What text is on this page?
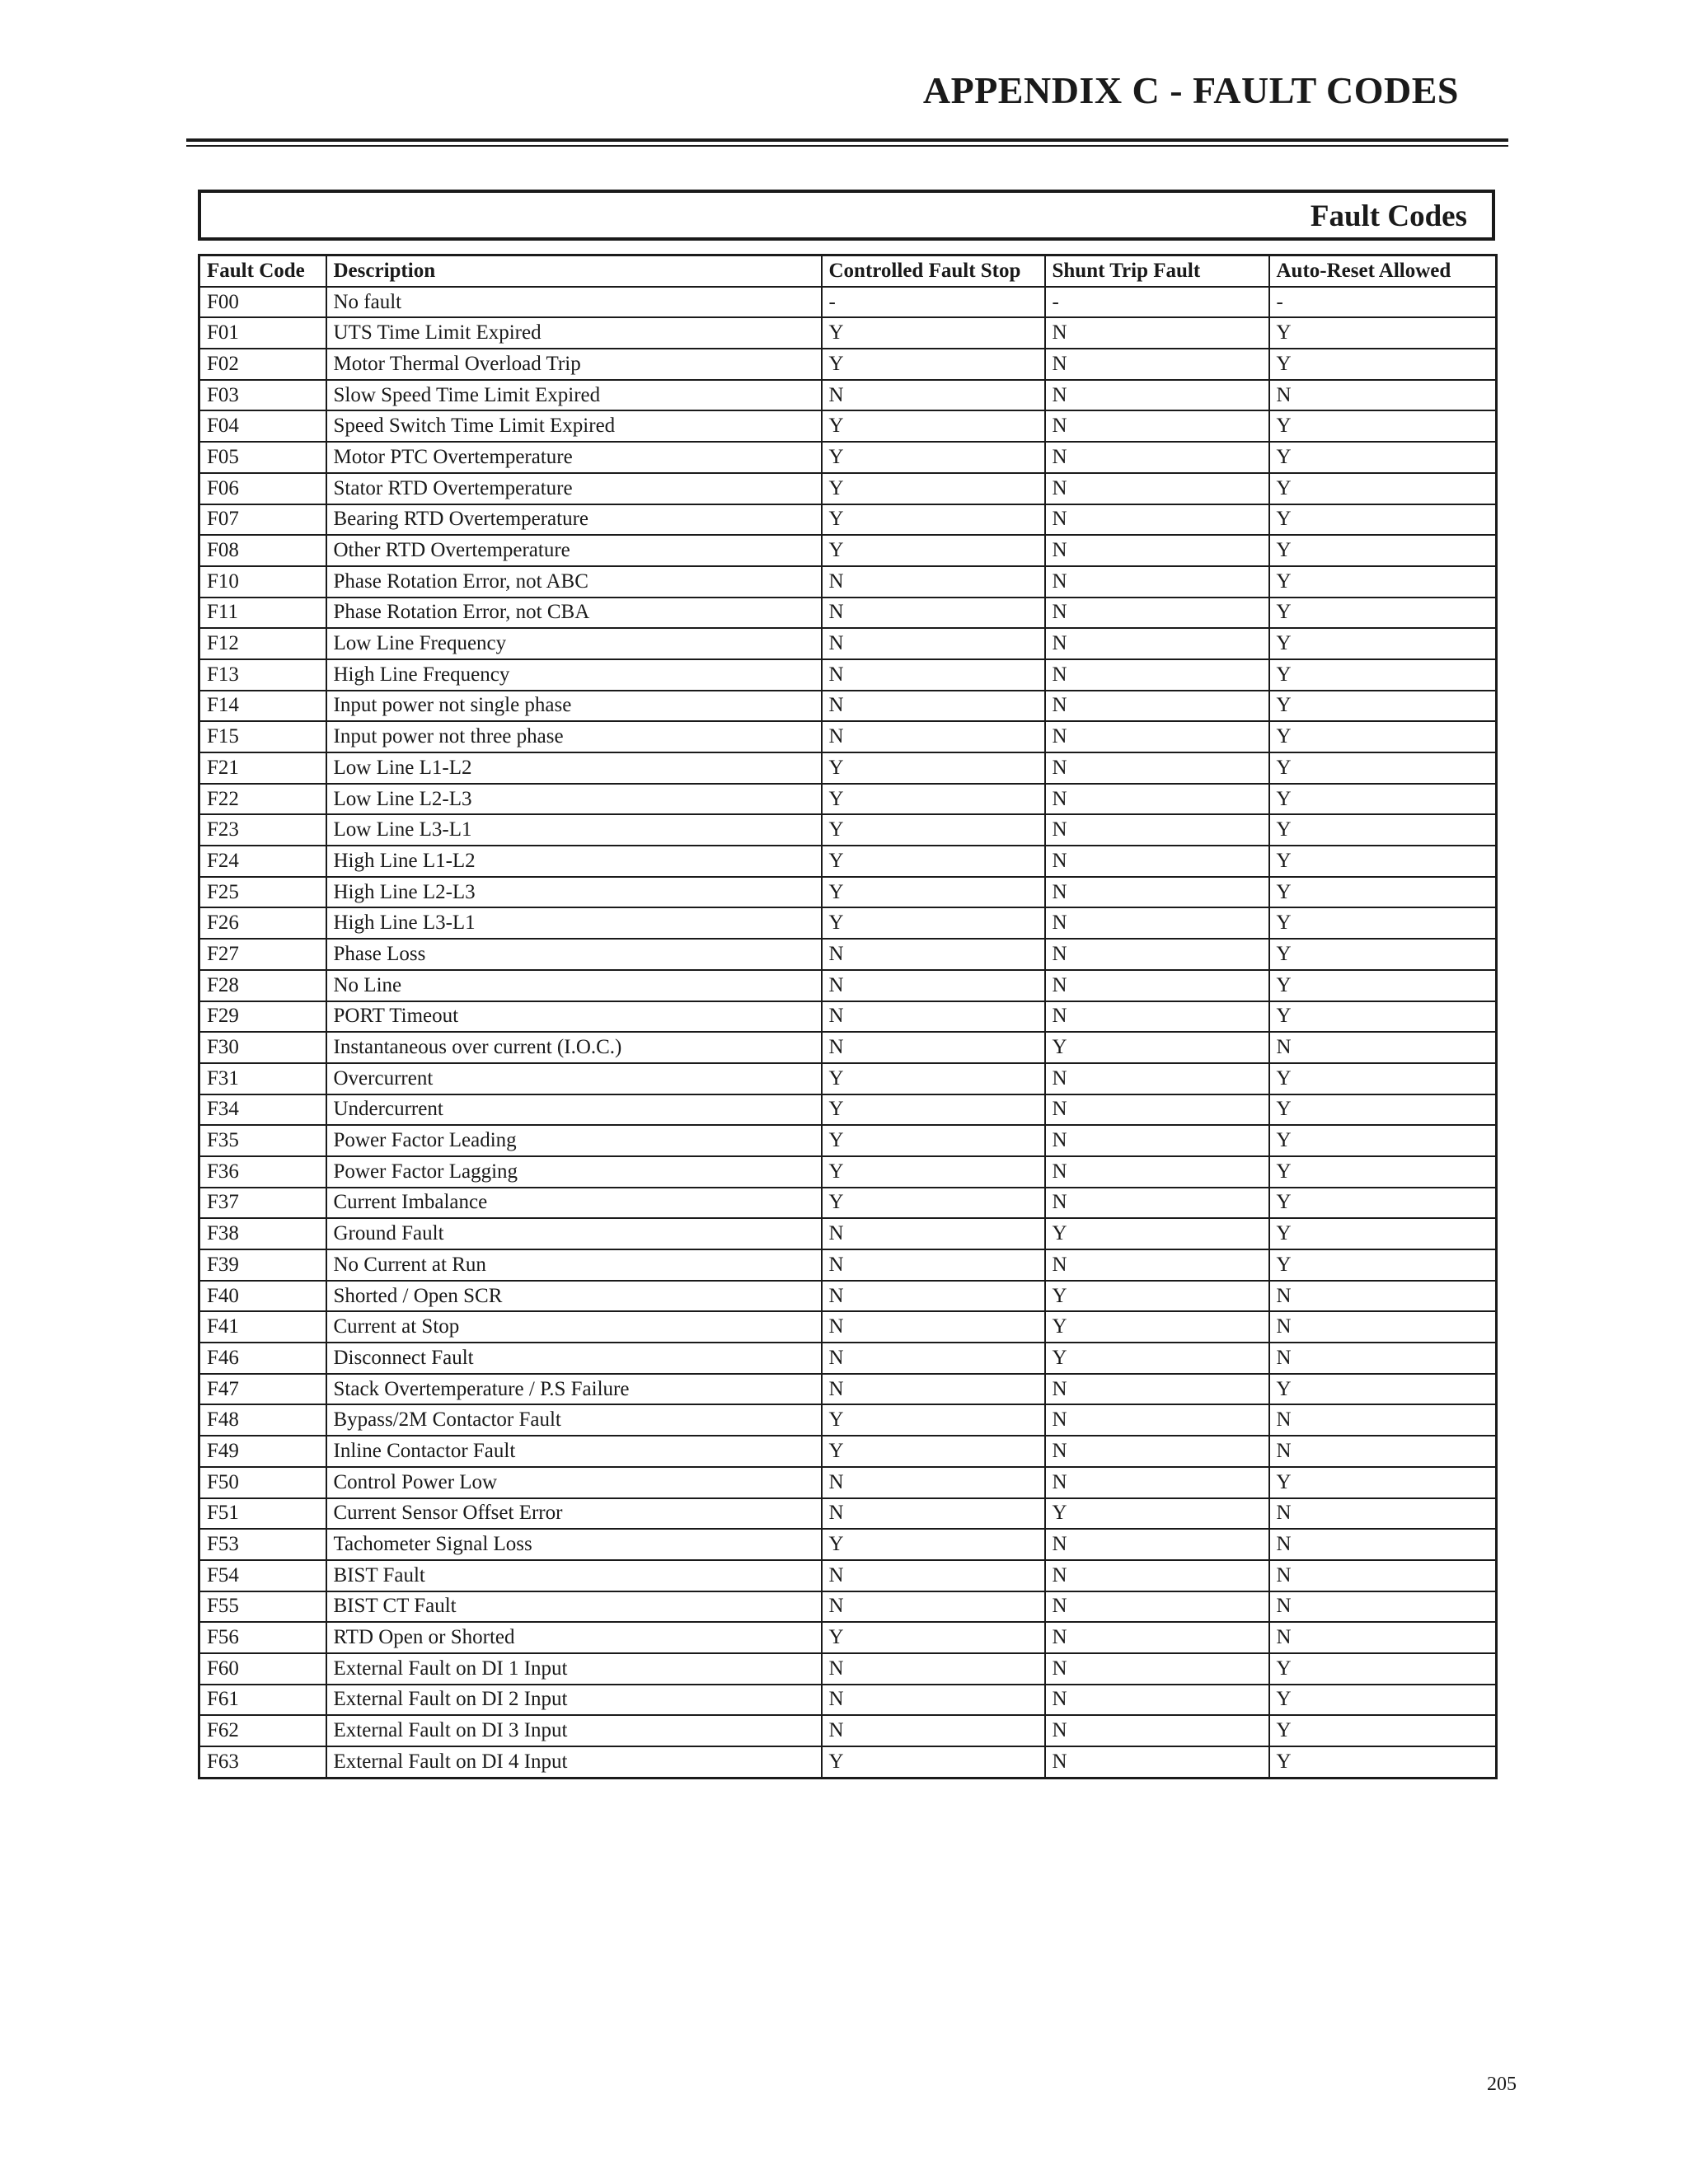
APPENDIX C - FAULT CODES
Fault Codes
Fault Code	Description	Controlled Fault Stop	Shunt Trip Fault	Auto-Reset Allowed
F00	No fault	-	-	-
F01	UTS Time Limit Expired	Y	N	Y
F02	Motor Thermal Overload Trip	Y	N	Y
F03	Slow Speed Time Limit Expired	N	N	N
F04	Speed Switch Time Limit Expired	Y	N	Y
F05	Motor PTC Overtemperature	Y	N	Y
F06	Stator RTD Overtemperature	Y	N	Y
F07	Bearing RTD Overtemperature	Y	N	Y
F08	Other RTD Overtemperature	Y	N	Y
F10	Phase Rotation Error, not ABC	N	N	Y
F11	Phase Rotation Error, not CBA	N	N	Y
F12	Low Line Frequency	N	N	Y
F13	High Line Frequency	N	N	Y
F14	Input power not single phase	N	N	Y
F15	Input power not three phase	N	N	Y
F21	Low Line L1-L2	Y	N	Y
F22	Low Line L2-L3	Y	N	Y
F23	Low Line L3-L1	Y	N	Y
F24	High Line L1-L2	Y	N	Y
F25	High Line L2-L3	Y	N	Y
F26	High Line L3-L1	Y	N	Y
F27	Phase Loss	N	N	Y
F28	No Line	N	N	Y
F29	PORT Timeout	N	N	Y
F30	Instantaneous over current (I.O.C.)	N	Y	N
F31	Overcurrent	Y	N	Y
F34	Undercurrent	Y	N	Y
F35	Power Factor Leading	Y	N	Y
F36	Power Factor Lagging	Y	N	Y
F37	Current Imbalance	Y	N	Y
F38	Ground Fault	N	Y	Y
F39	No Current at Run	N	N	Y
F40	Shorted / Open SCR	N	Y	N
F41	Current at Stop	N	Y	N
F46	Disconnect Fault	N	Y	N
F47	Stack Overtemperature / P.S Failure	N	N	Y
F48	Bypass/2M Contactor Fault	Y	N	N
F49	Inline Contactor Fault	Y	N	N
F50	Control Power Low	N	N	Y
F51	Current Sensor Offset Error	N	Y	N
F53	Tachometer Signal Loss	Y	N	N
F54	BIST Fault	N	N	N
F55	BIST CT Fault	N	N	N
F56	RTD Open or Shorted	Y	N	N
F60	External Fault on DI 1 Input	N	N	Y
F61	External Fault on DI 2 Input	N	N	Y
F62	External Fault on DI 3 Input	N	N	Y
F63	External Fault on DI 4 Input	Y	N	Y
205
